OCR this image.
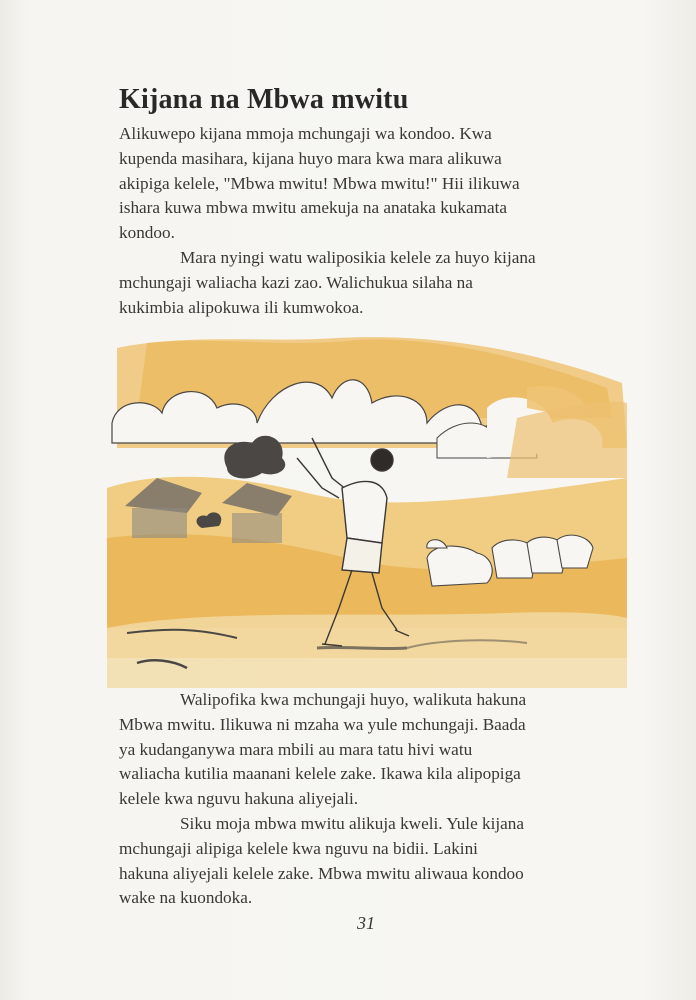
Kijana na Mbwa mwitu
Alikuwepo kijana mmoja mchungaji wa kondoo. Kwa
kupenda masihara, kijana huyo mara kwa mara alikuwa
akipiga kelele, "Mbwa mwitu! Mbwa mwitu!" Hii ilikuwa
ishara kuwa mbwa mwitu amekuja na anataka kukamata
kondoo.
Mara nyingi watu waliposikia kelele za huyo kijana
mchungaji waliacha kazi zao. Walichukua silaha na
kukimbia alipokuwa ili kumwokoa.
Walipofika kwa mchungaji huyo, walikuta hakuna
Mbwa mwitu. Ilikuwa ni mzaha wa yule mchungaji. Baada
ya kudanganywa mara mbili au mara tatu hivi watu
waliacha kutilia maanani kelele zake. Ikawa kila alipopiga
kelele kwa nguvu hakuna aliyejali.
Siku moja mbwa mwitu alikuja kweli. Yule kijana
mchungaji alipiga kelele kwa nguvu na bidii. Lakini
hakuna aliyejali kelele zake. Mbwa mwitu aliwaua kondoo
wake na kuondoka.
31
